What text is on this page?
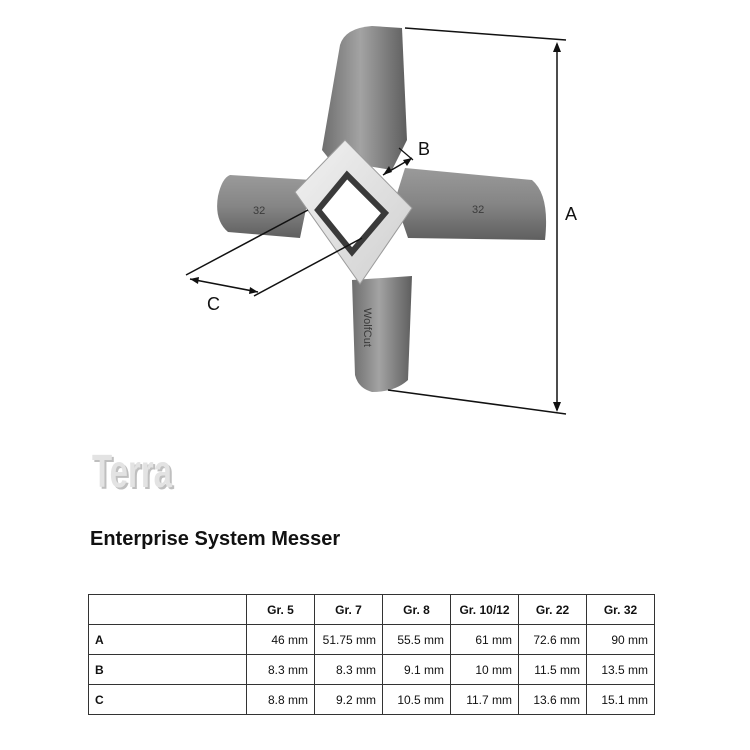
32	32
WolfCut
A
B
C
Terra
Terra
Enterprise System Messer
	Gr. 5	Gr. 7	Gr. 8	Gr. 10/12	Gr. 22	Gr. 32
A	46 mm	51.75 mm	55.5 mm	61 mm	72.6 mm	90 mm
B	8.3 mm	8.3 mm	9.1 mm	10 mm	11.5 mm	13.5 mm
C	8.8 mm	9.2 mm	10.5 mm	11.7 mm	13.6 mm	15.1 mm
